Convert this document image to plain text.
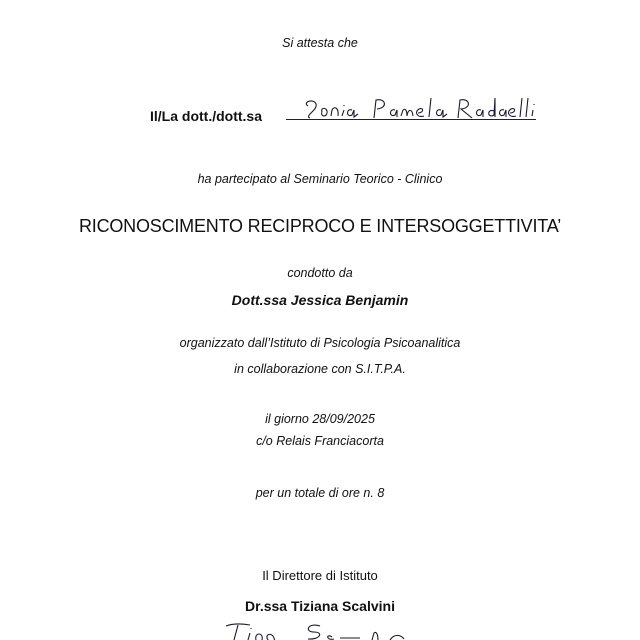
Si attesta che
Il/La dott./dott.sa
ha partecipato al Seminario Teorico - Clinico
RICONOSCIMENTO RECIPROCO E INTERSOGGETTIVITA’
condotto da
Dott.ssa Jessica Benjamin
organizzato dall’Istituto di Psicologia Psicoanalitica
in collaborazione con S.I.T.P.A.
il giorno 28/09/2025
c/o Relais Franciacorta
per un totale di ore n. 8
Il Direttore di Istituto
Dr.ssa Tiziana Scalvini
